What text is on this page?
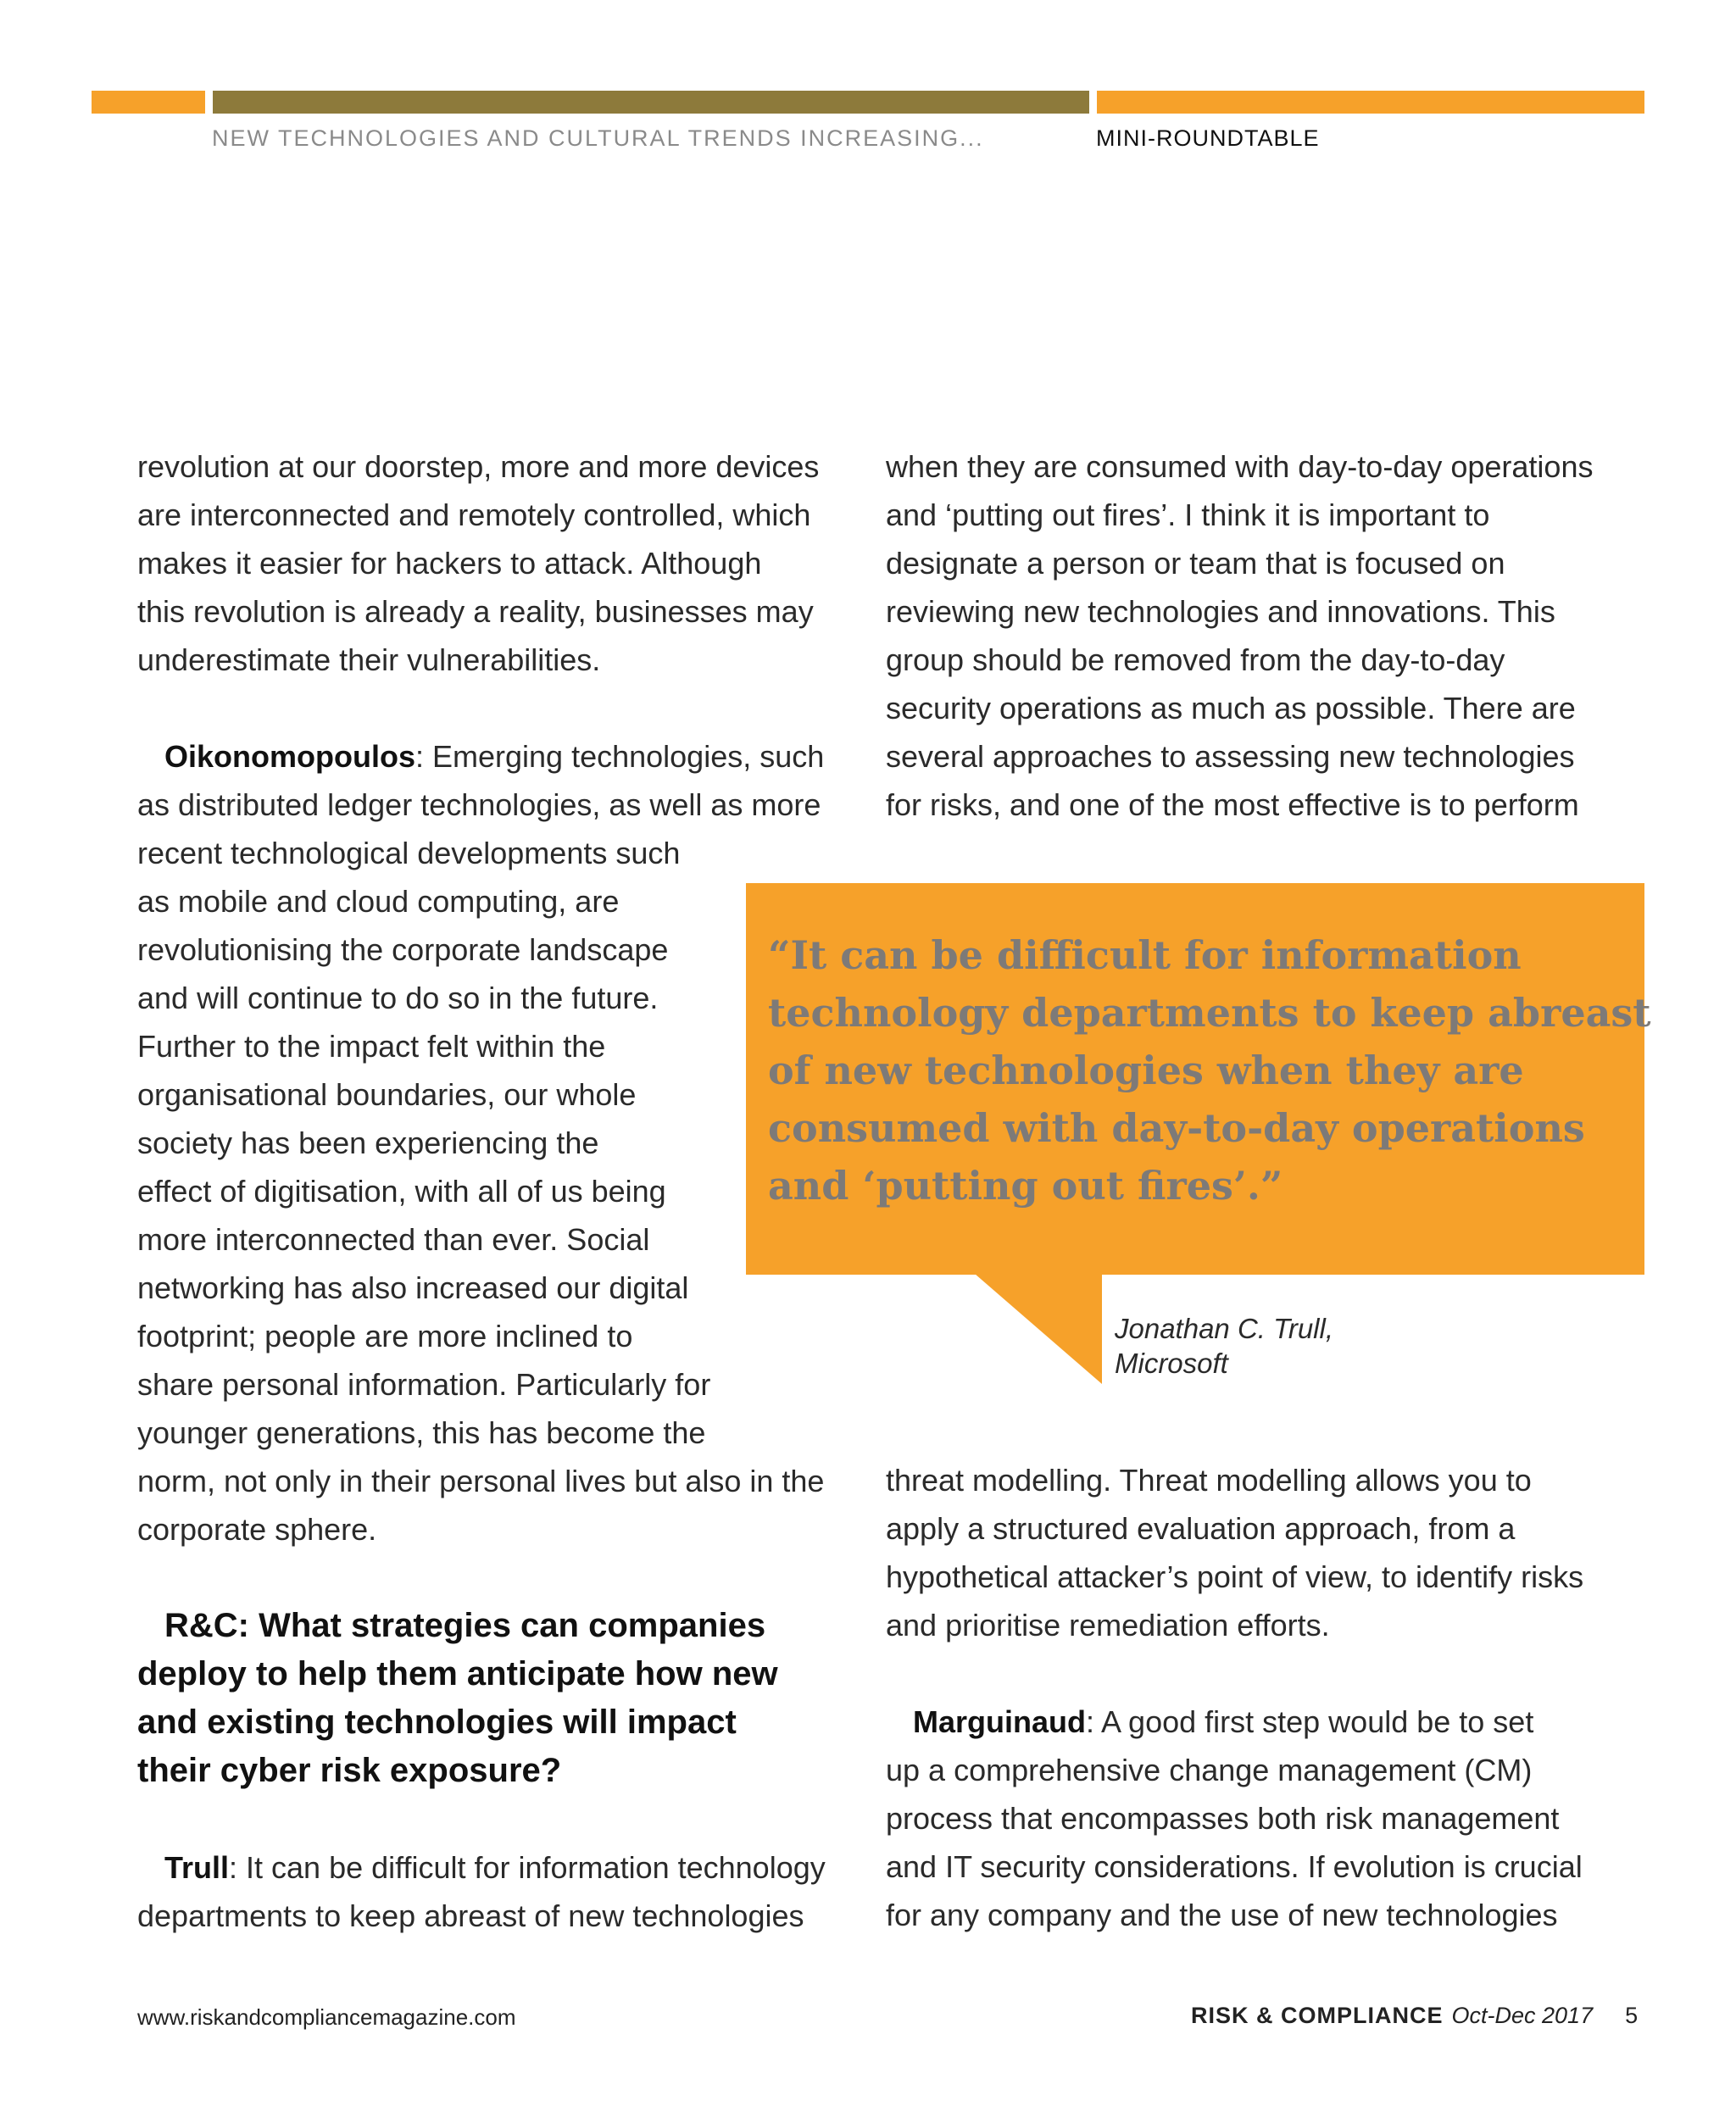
NEW TECHNOLOGIES AND CULTURAL TRENDS INCREASING...	MINI-ROUNDTABLE

revolution at our doorstep, more and more devices

are interconnected and remotely controlled, which

makes it easier for hackers to attack. Although

this revolution is already a reality, businesses may

underestimate their vulnerabilities.

Oikonomopoulos: Emerging technologies, such

as distributed ledger technologies, as well as more

recent technological developments such

as mobile and cloud computing, are

revolutionising the corporate landscape

and will continue to do so in the future.

Further to the impact felt within the

organisational boundaries, our whole

society has been experiencing the

effect of digitisation, with all of us being

more interconnected than ever. Social

networking has also increased our digital

footprint; people are more inclined to

share personal information. Particularly for

younger generations, this has become the

norm, not only in their personal lives but also in the

corporate sphere.

R&C: What strategies can companies

deploy to help them anticipate how new

and existing technologies will impact

their cyber risk exposure?

Trull: It can be difficult for information technology

departments to keep abreast of new technologies

when they are consumed with day-to-day operations

and ‘putting out fires’. I think it is important to

designate a person or team that is focused on

reviewing new technologies and innovations. This

group should be removed from the day-to-day

security operations as much as possible. There are

several approaches to assessing new technologies

for risks, and one of the most effective is to perform

“It can be difficult for information

technology departments to keep abreast

of new technologies when they are

consumed with day-to-day operations

and ‘putting out fires’.”

Jonathan C. Trull,

Microsoft

threat modelling. Threat modelling allows you to

apply a structured evaluation approach, from a

hypothetical attacker’s point of view, to identify risks

and prioritise remediation efforts.

Marguinaud: A good first step would be to set

up a comprehensive change management (CM)

process that encompasses both risk management

and IT security considerations. If evolution is crucial

for any company and the use of new technologies

www.riskandcompliancemagazine.com	RISK & COMPLIANCE Oct-Dec 2017 5
